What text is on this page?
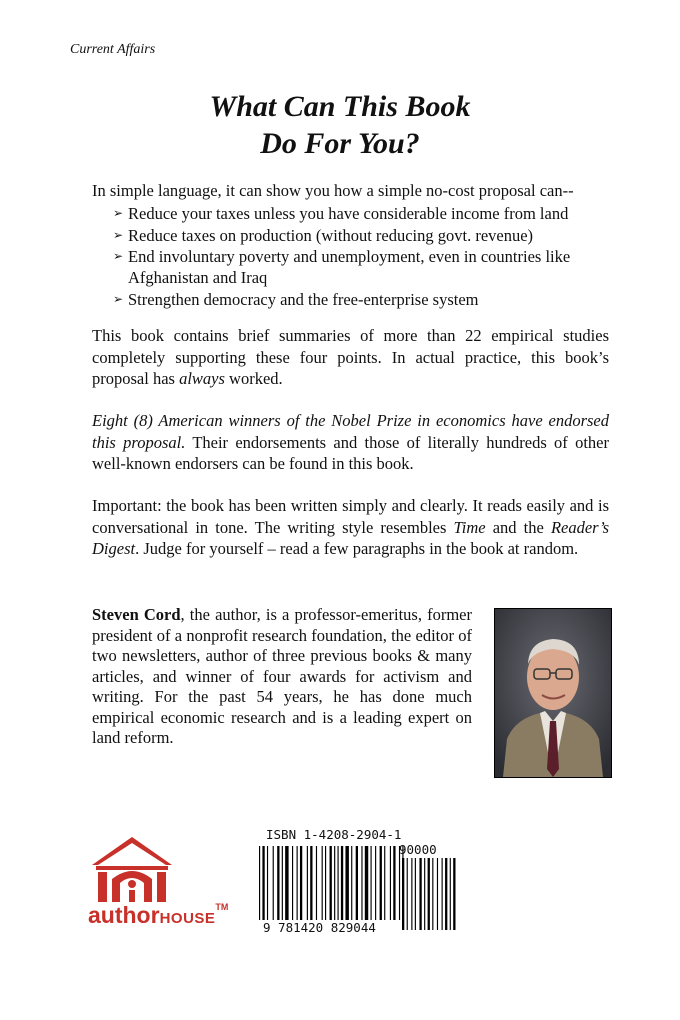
Current Affairs
What Can This Book
Do For You?
In simple language, it can show you how a simple no-cost proposal can--
➢ Reduce your taxes unless you have considerable income from land
➢ Reduce taxes on production (without reducing govt. revenue)
➢ End involuntary poverty and unemployment, even in countries like Afghanistan and Iraq
➢ Strengthen democracy and the free-enterprise system
This book contains brief summaries of more than 22 empirical studies completely supporting these four points. In actual practice, this book’s proposal has always worked.
Eight (8) American winners of the Nobel Prize in economics have endorsed this proposal. Their endorsements and those of literally hundreds of other well-known endorsers can be found in this book.
Important: the book has been written simply and clearly. It reads easily and is conversational in tone. The writing style resembles Time and the Reader’s Digest. Judge for yourself – read a few paragraphs in the book at random.
Steven Cord, the author, is a professor-emeritus, former president of a nonprofit research foundation, the editor of two newsletters, author of three previous books & many articles, and winner of four awards for activism and writing. For the past 54 years, he has done much empirical economic research and is a leading expert on land reform.
authorHOUSE™
ISBN 1-4208-2904-1
90000
9 781420 829044
